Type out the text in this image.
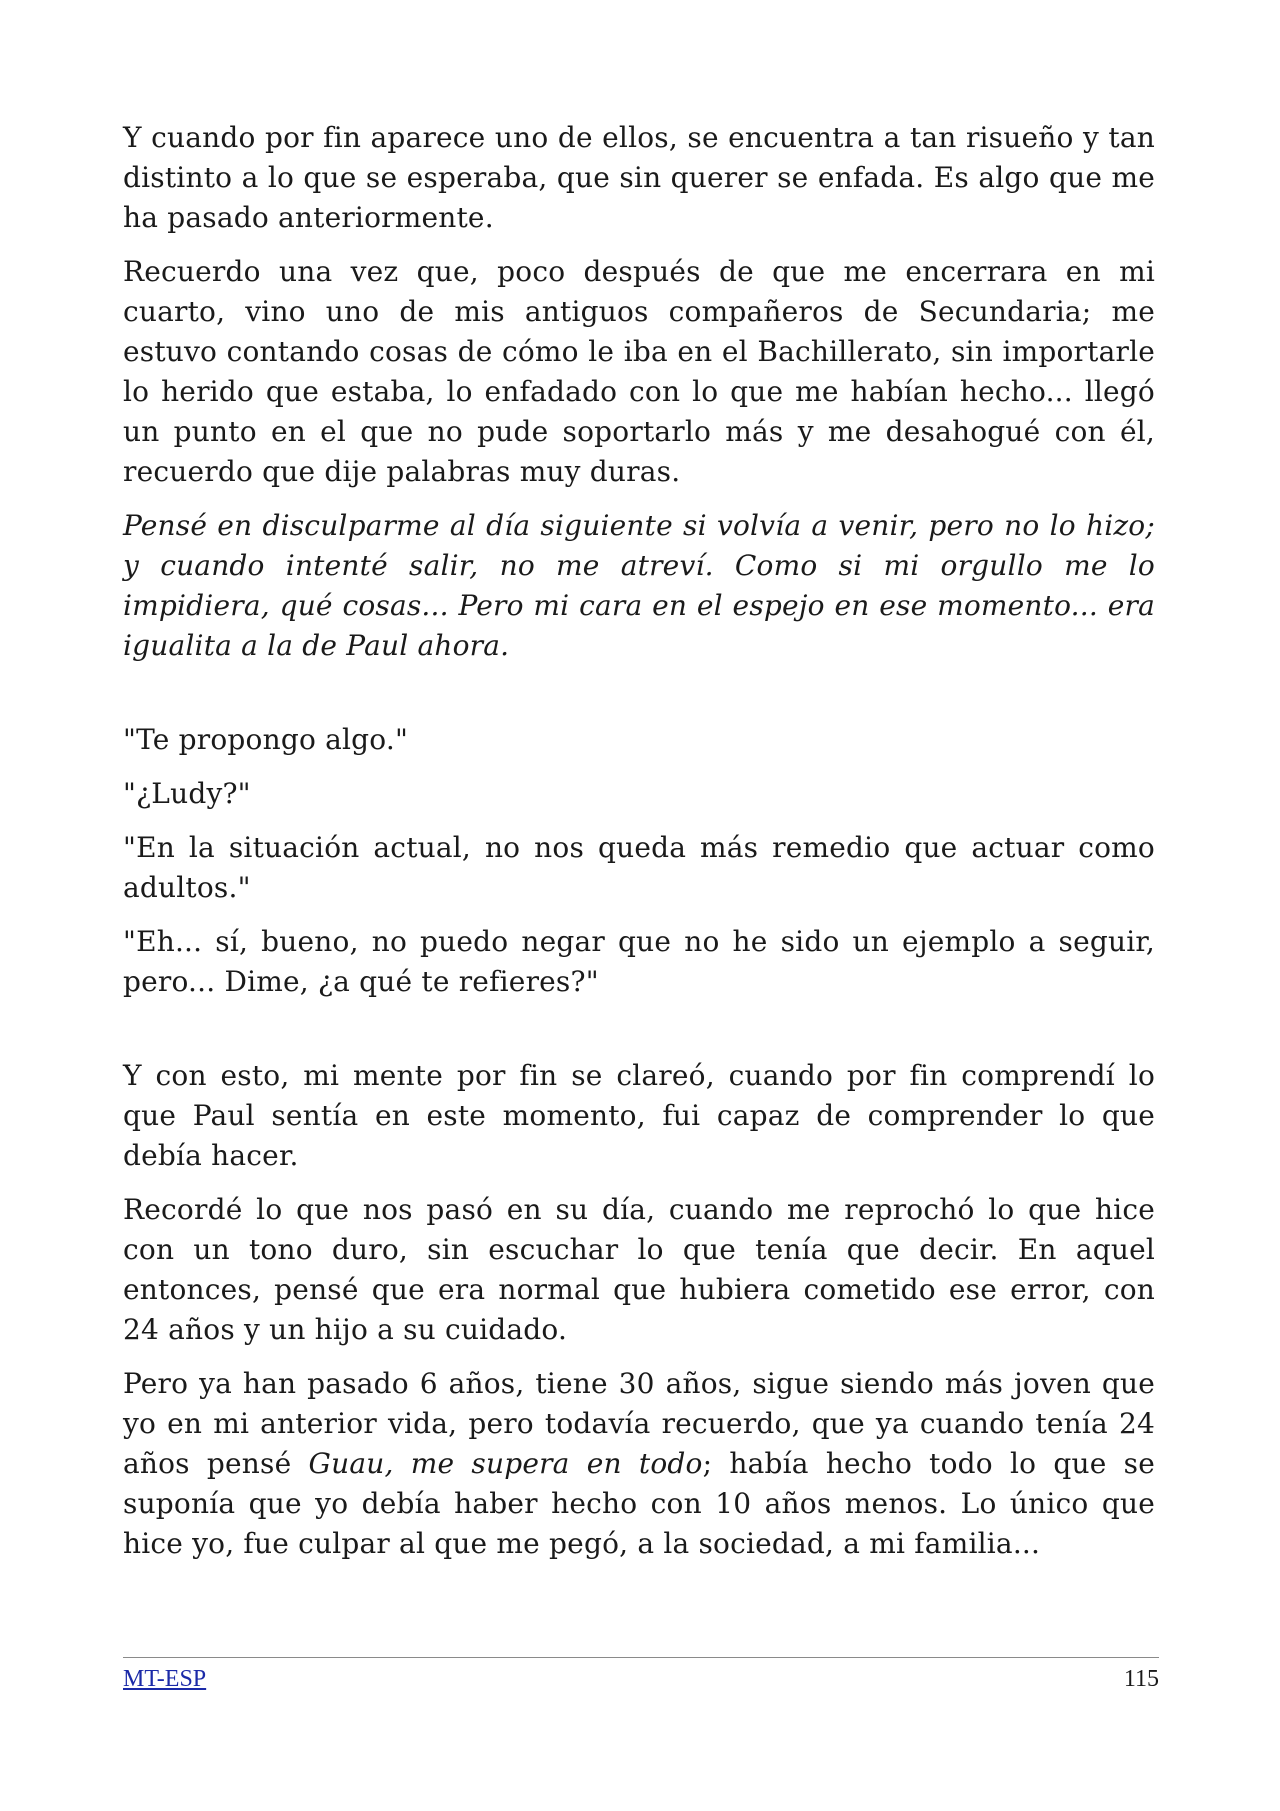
Y cuando por fin aparece uno de ellos, se encuentra a tan risueño y tan distinto a lo que se esperaba, que sin querer se enfada. Es algo que me ha pasado anteriormente.

Recuerdo una vez que, poco después de que me encerrara en mi cuarto, vino uno de mis antiguos compañeros de Secundaria; me estuvo contando cosas de cómo le iba en el Bachillerato, sin importarle lo herido que estaba, lo enfadado con lo que me habían hecho... llegó un punto en el que no pude soportarlo más y me desahogué con él, recuerdo que dije palabras muy duras.

Pensé en disculparme al día siguiente si volvía a venir, pero no lo hizo; y cuando intenté salir, no me atreví. Como si mi orgullo me lo impidiera, qué cosas... Pero mi cara en el espejo en ese momento... era igualita a la de Paul ahora.

"Te propongo algo."

"¿Ludy?"

"En la situación actual, no nos queda más remedio que actuar como adultos."

"Eh... sí, bueno, no puedo negar que no he sido un ejemplo a seguir, pero... Dime, ¿a qué te refieres?"

Y con esto, mi mente por fin se clareó, cuando por fin comprendí lo que Paul sentía en este momento, fui capaz de comprender lo que debía hacer.

Recordé lo que nos pasó en su día, cuando me reprochó lo que hice con un tono duro, sin escuchar lo que tenía que decir. En aquel entonces, pensé que era normal que hubiera cometido ese error, con 24 años y un hijo a su cuidado.

Pero ya han pasado 6 años, tiene 30 años, sigue siendo más joven que yo en mi anterior vida, pero todavía recuerdo, que ya cuando tenía 24 años pensé Guau, me supera en todo; había hecho todo lo que se suponía que yo debía haber hecho con 10 años menos. Lo único que hice yo, fue culpar al que me pegó, a la sociedad, a mi familia...

MT-ESP	115
